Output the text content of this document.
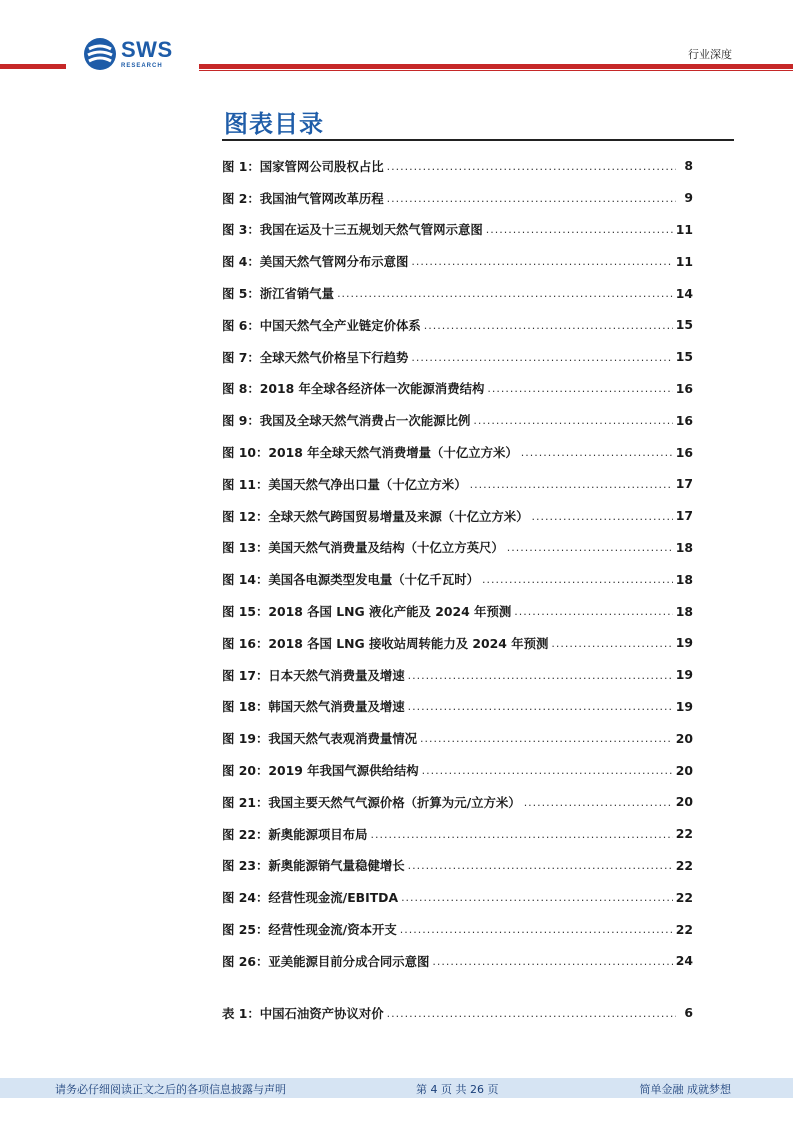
SWS
RESEARCH
行业深度
图表目录
图 1：国家管网公司股权占比 .....	8
图 2：我国油气管网改革历程 .....	9
图 3：我国在运及十三五规划天然气管网示意图 .....	11
图 4：美国天然气管网分布示意图 .....	11
图 5：浙江省销气量 .....	14
图 6：中国天然气全产业链定价体系 .....	15
图 7：全球天然气价格呈下行趋势 .....	15
图 8：2018 年全球各经济体一次能源消费结构 .....	16
图 9：我国及全球天然气消费占一次能源比例 .....	16
图 10：2018 年全球天然气消费增量（十亿立方米） .....	16
图 11：美国天然气净出口量（十亿立方米） .....	17
图 12：全球天然气跨国贸易增量及来源（十亿立方米） .....	17
图 13：美国天然气消费量及结构（十亿立方英尺） .....	18
图 14：美国各电源类型发电量（十亿千瓦时） .....	18
图 15：2018 各国 LNG 液化产能及 2024 年预测 .....	18
图 16：2018 各国 LNG 接收站周转能力及 2024 年预测 .....	19
图 17：日本天然气消费量及增速 .....	19
图 18：韩国天然气消费量及增速 .....	19
图 19：我国天然气表观消费量情况 .....	20
图 20：2019 年我国气源供给结构 .....	20
图 21：我国主要天然气气源价格（折算为元/立方米） .....	20
图 22：新奥能源项目布局 .....	22
图 23：新奥能源销气量稳健增长 .....	22
图 24：经营性现金流/EBITDA .....	22
图 25：经营性现金流/资本开支 .....	22
图 26：亚美能源目前分成合同示意图 .....	24
表 1：中国石油资产协议对价 .....	6
请务必仔细阅读正文之后的各项信息披露与声明	第 4 页 共 26 页	简单金融 成就梦想
